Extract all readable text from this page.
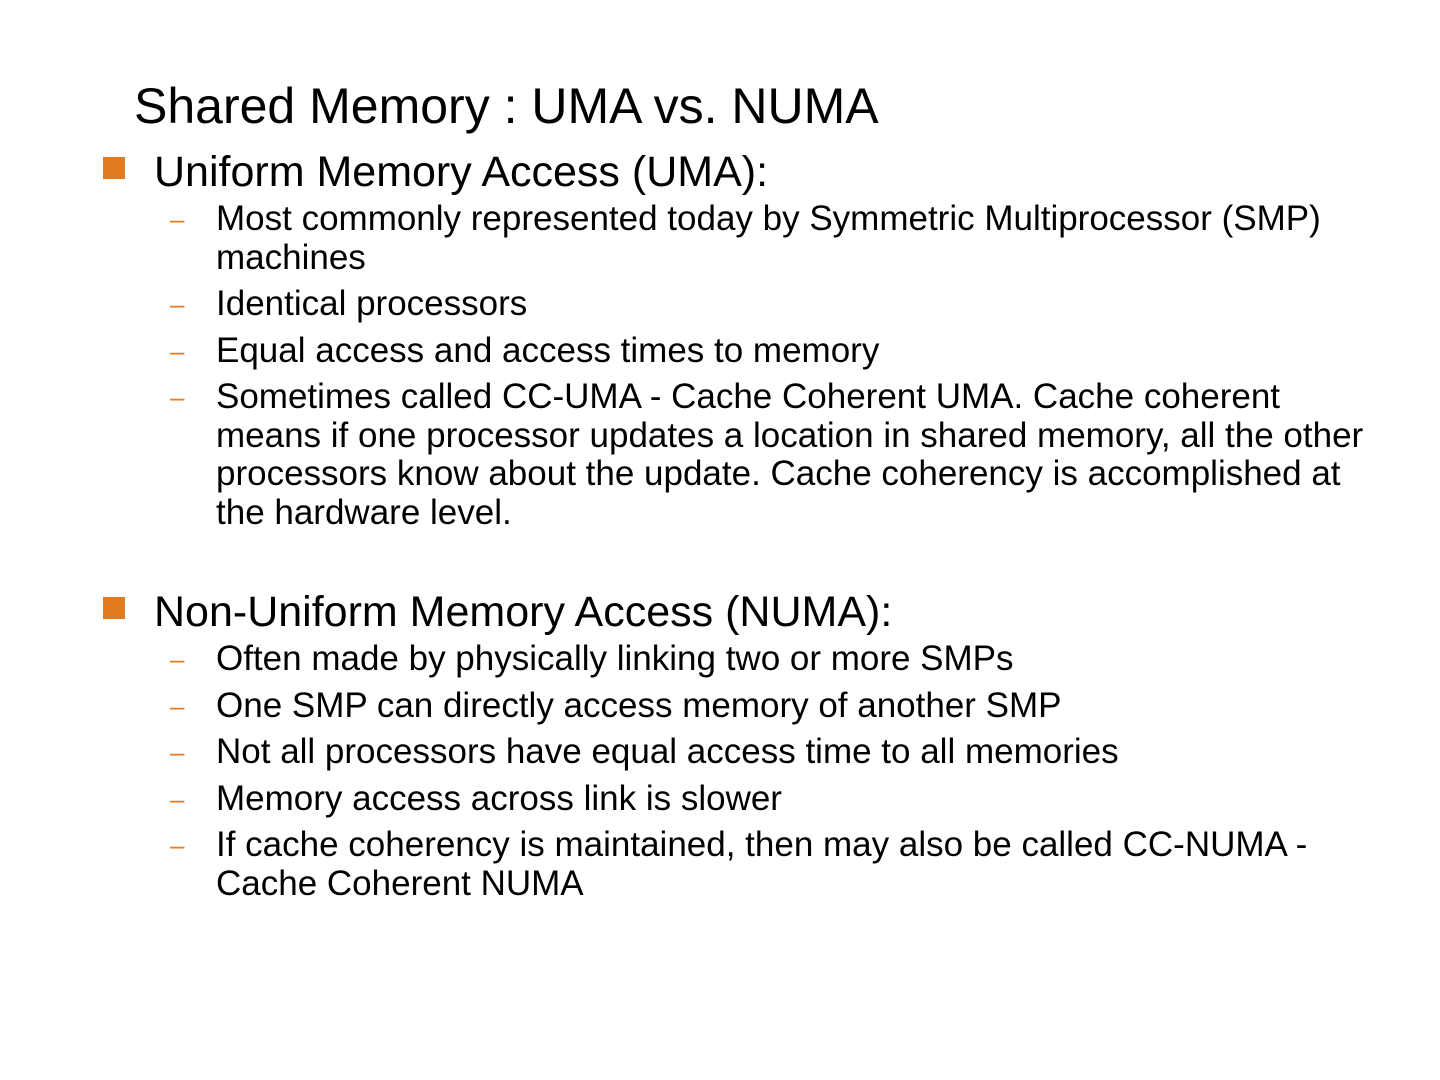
Shared Memory : UMA vs. NUMA
Uniform Memory Access (UMA):
– Most commonly represented today by Symmetric Multiprocessor (SMP) machines
– Identical processors
– Equal access and access times to memory
– Sometimes called CC-UMA - Cache Coherent UMA. Cache coherent means if one processor updates a location in shared memory, all the other processors know about the update. Cache coherency is accomplished at the hardware level.
Non-Uniform Memory Access (NUMA):
– Often made by physically linking two or more SMPs
– One SMP can directly access memory of another SMP
– Not all processors have equal access time to all memories
– Memory access across link is slower
– If cache coherency is maintained, then may also be called CC-NUMA - Cache Coherent NUMA
